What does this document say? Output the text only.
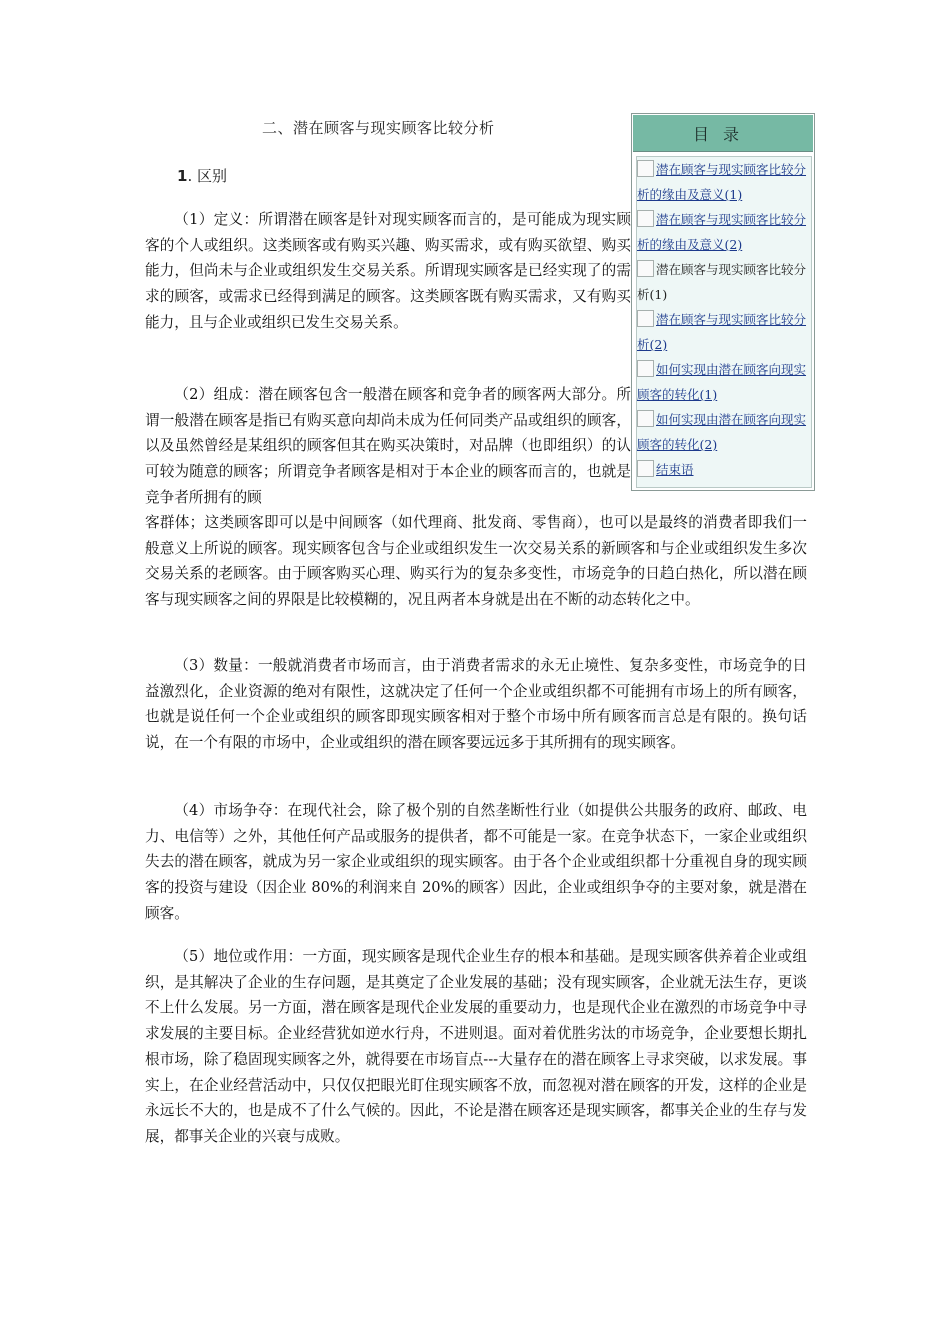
二、潜在顾客与现实顾客比较分析
1. 区别

（1）定义：所谓潜在顾客是针对现实顾客而言的，是可能成为现实顾客的个人或组织。这类顾客或有购买兴趣、购买需求，或有购买欲望、购买能力，但尚未与企业或组织发生交易关系。所谓现实顾客是已经实现了的需求的顾客，或需求已经得到满足的顾客。这类顾客既有购买需求，又有购买能力，且与企业或组织已发生交易关系。

（2）组成：潜在顾客包含一般潜在顾客和竞争者的顾客两大部分。所谓一般潜在顾客是指已有购买意向却尚未成为任何同类产品或组织的顾客，以及虽然曾经是某组织的顾客但其在购买决策时，对品牌（也即组织）的认可较为随意的顾客；所谓竞争者顾客是相对于本企业的顾客而言的，也就是竞争者所拥有的顾

客群体；这类顾客即可以是中间顾客（如代理商、批发商、零售商），也可以是最终的消费者即我们一般意义上所说的顾客。现实顾客包含与企业或组织发生一次交易关系的新顾客和与企业或组织发生多次交易关系的老顾客。由于顾客购买心理、购买行为的复杂多变性，市场竞争的日趋白热化，所以潜在顾客与现实顾客之间的界限是比较模糊的，况且两者本身就是出在不断的动态转化之中。

（3）数量：一般就消费者市场而言，由于消费者需求的永无止境性、复杂多变性，市场竞争的日益激烈化，企业资源的绝对有限性，这就决定了任何一个企业或组织都不可能拥有市场上的所有顾客，也就是说任何一个企业或组织的顾客即现实顾客相对于整个市场中所有顾客而言总是有限的。换句话说，在一个有限的市场中，企业或组织的潜在顾客要远远多于其所拥有的现实顾客。

（4）市场争夺：在现代社会，除了极个别的自然垄断性行业（如提供公共服务的政府、邮政、电力、电信等）之外，其他任何产品或服务的提供者，都不可能是一家。在竞争状态下，一家企业或组织失去的潜在顾客，就成为另一家企业或组织的现实顾客。由于各个企业或组织都十分重视自身的现实顾客的投资与建设（因企业 80%的利润来自 20%的顾客）因此，企业或组织争夺的主要对象，就是潜在顾客。

（5）地位或作用：一方面，现实顾客是现代企业生存的根本和基础。是现实顾客供养着企业或组织，是其解决了企业的生存问题，是其奠定了企业发展的基础；没有现实顾客，企业就无法生存，更谈不上什么发展。另一方面，潜在顾客是现代企业发展的重要动力，也是现代企业在激烈的市场竞争中寻求发展的主要目标。企业经营犹如逆水行舟，不进则退。面对着优胜劣汰的市场竞争，企业要想长期扎根市场，除了稳固现实顾客之外，就得要在市场盲点---大量存在的潜在顾客上寻求突破，以求发展。事实上，在企业经营活动中，只仅仅把眼光盯住现实顾客不放，而忽视对潜在顾客的开发，这样的企业是永远长不大的，也是成不了什么气候的。因此，不论是潜在顾客还是现实顾客，都事关企业的生存与发展，都事关企业的兴衰与成败。

目录
潜在顾客与现实顾客比较分析的缘由及意义(1)
潜在顾客与现实顾客比较分析的缘由及意义(2)
潜在顾客与现实顾客比较分析(1)
潜在顾客与现实顾客比较分析(2)
如何实现由潜在顾客向现实顾客的转化(1)
如何实现由潜在顾客向现实顾客的转化(2)
结束语
